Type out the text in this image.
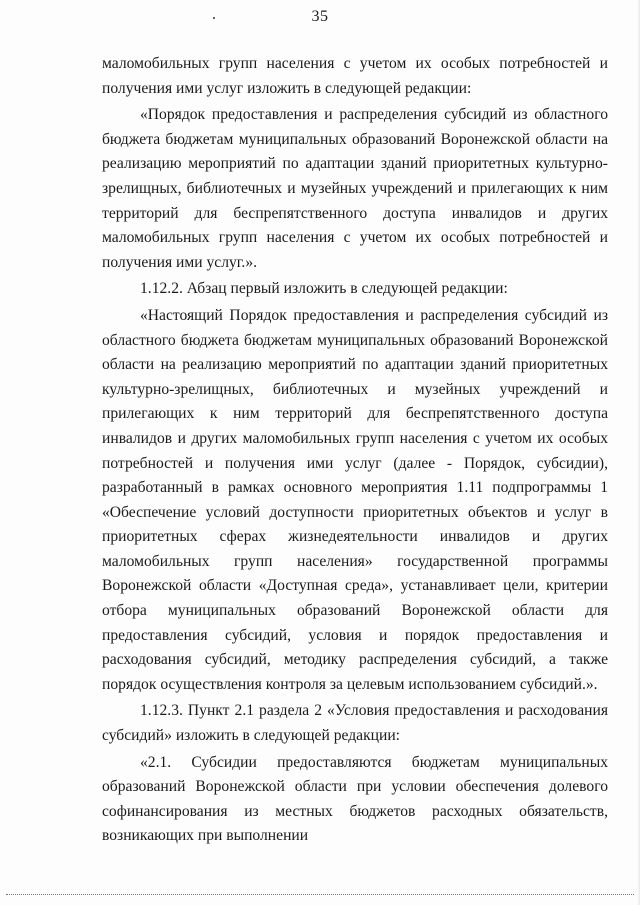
35

маломобильных групп населения с учетом их особых потребностей и получения ими услуг изложить в следующей редакции:

«Порядок предоставления и распределения субсидий из областного бюджета бюджетам муниципальных образований Воронежской области на реализацию мероприятий по адаптации зданий приоритетных культурно-зрелищных, библиотечных и музейных учреждений и прилегающих к ним территорий для беспрепятственного доступа инвалидов и других маломобильных групп населения с учетом их особых потребностей и получения ими услуг.».

1.12.2. Абзац первый изложить в следующей редакции:

«Настоящий Порядок предоставления и распределения субсидий из областного бюджета бюджетам муниципальных образований Воронежской области на реализацию мероприятий по адаптации зданий приоритетных культурно-зрелищных, библиотечных и музейных учреждений и прилегающих к ним территорий для беспрепятственного доступа инвалидов и других маломобильных групп населения с учетом их особых потребностей и получения ими услуг (далее - Порядок, субсидии), разработанный в рамках основного мероприятия 1.11 подпрограммы 1 «Обеспечение условий доступности приоритетных объектов и услуг в приоритетных сферах жизнедеятельности инвалидов и других маломобильных групп населения» государственной программы Воронежской области «Доступная среда», устанавливает цели, критерии отбора муниципальных образований Воронежской области для предоставления субсидий, условия и порядок предоставления и расходования субсидий, методику распределения субсидий, а также порядок осуществления контроля за целевым использованием субсидий.».

1.12.3. Пункт 2.1 раздела 2 «Условия предоставления и расходования субсидий» изложить в следующей редакции:

«2.1. Субсидии предоставляются бюджетам муниципальных образований Воронежской области при условии обеспечения долевого софинансирования из местных бюджетов расходных обязательств, возникающих при выполнении
